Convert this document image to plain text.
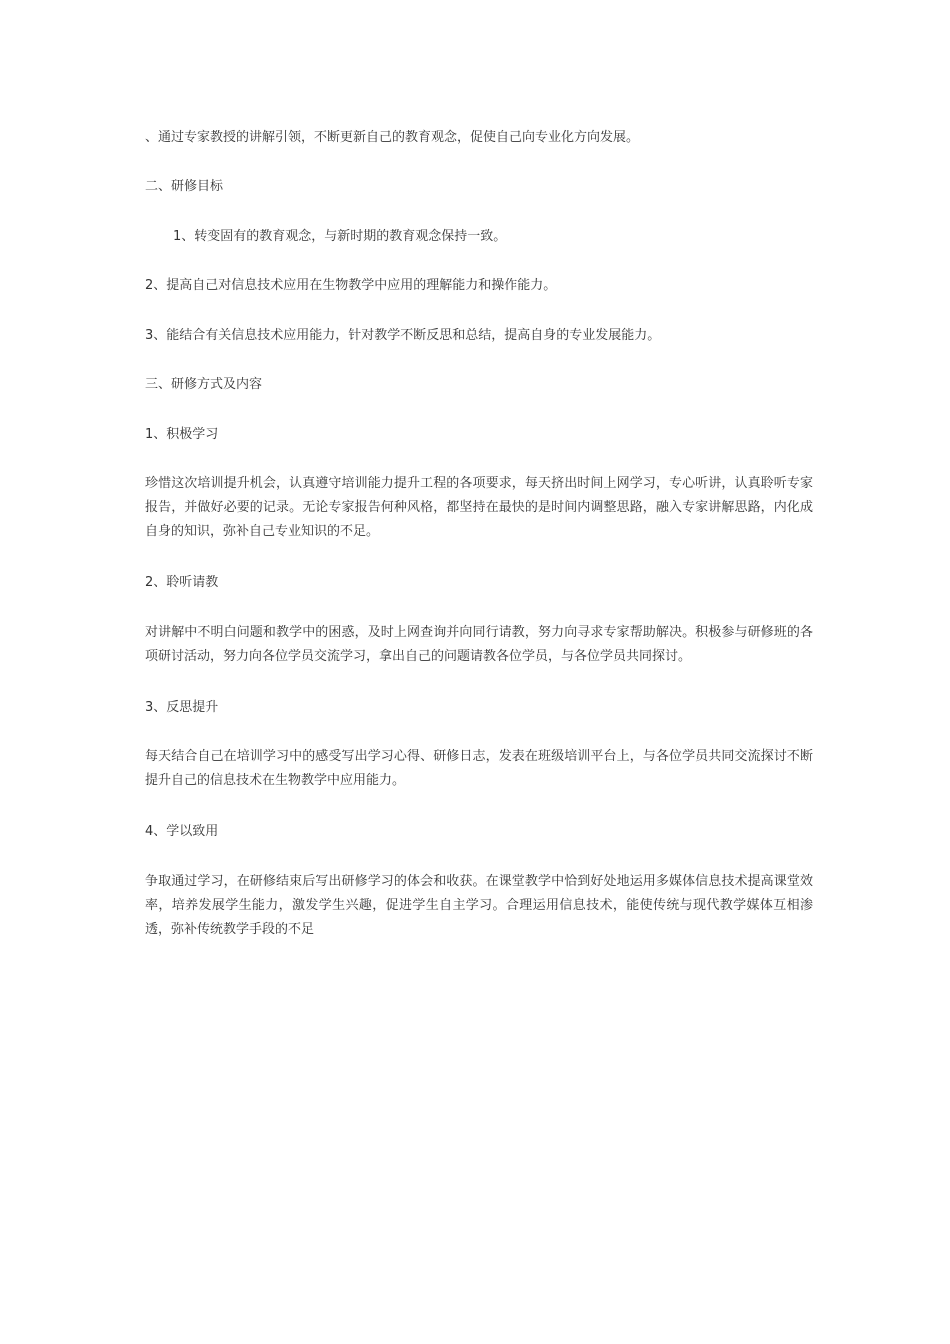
、通过专家教授的讲解引领，不断更新自己的教育观念，促使自己向专业化方向发展。
二、研修目标
1、转变固有的教育观念，与新时期的教育观念保持一致。
2、提高自己对信息技术应用在生物教学中应用的理解能力和操作能力。
3、能结合有关信息技术应用能力，针对教学不断反思和总结，提高自身的专业发展能力。
三、研修方式及内容
1、积极学习
珍惜这次培训提升机会，认真遵守培训能力提升工程的各项要求，每天挤出时间上网学习，专心听讲，认真聆听专家报告，并做好必要的记录。无论专家报告何种风格，都坚持在最快的是时间内调整思路，融入专家讲解思路，内化成自身的知识，弥补自己专业知识的不足。
2、聆听请教
对讲解中不明白问题和教学中的困惑，及时上网查询并向同行请教，努力向寻求专家帮助解决。积极参与研修班的各项研讨活动，努力向各位学员交流学习，拿出自己的问题请教各位学员，与各位学员共同探讨。
3、反思提升
每天结合自己在培训学习中的感受写出学习心得、研修日志，发表在班级培训平台上，与各位学员共同交流探讨不断提升自己的信息技术在生物教学中应用能力。
4、学以致用
争取通过学习，在研修结束后写出研修学习的体会和收获。在课堂教学中恰到好处地运用多媒体信息技术提高课堂效率，培养发展学生能力，激发学生兴趣，促进学生自主学习。合理运用信息技术，能使传统与现代教学媒体互相渗透，弥补传统教学手段的不足
